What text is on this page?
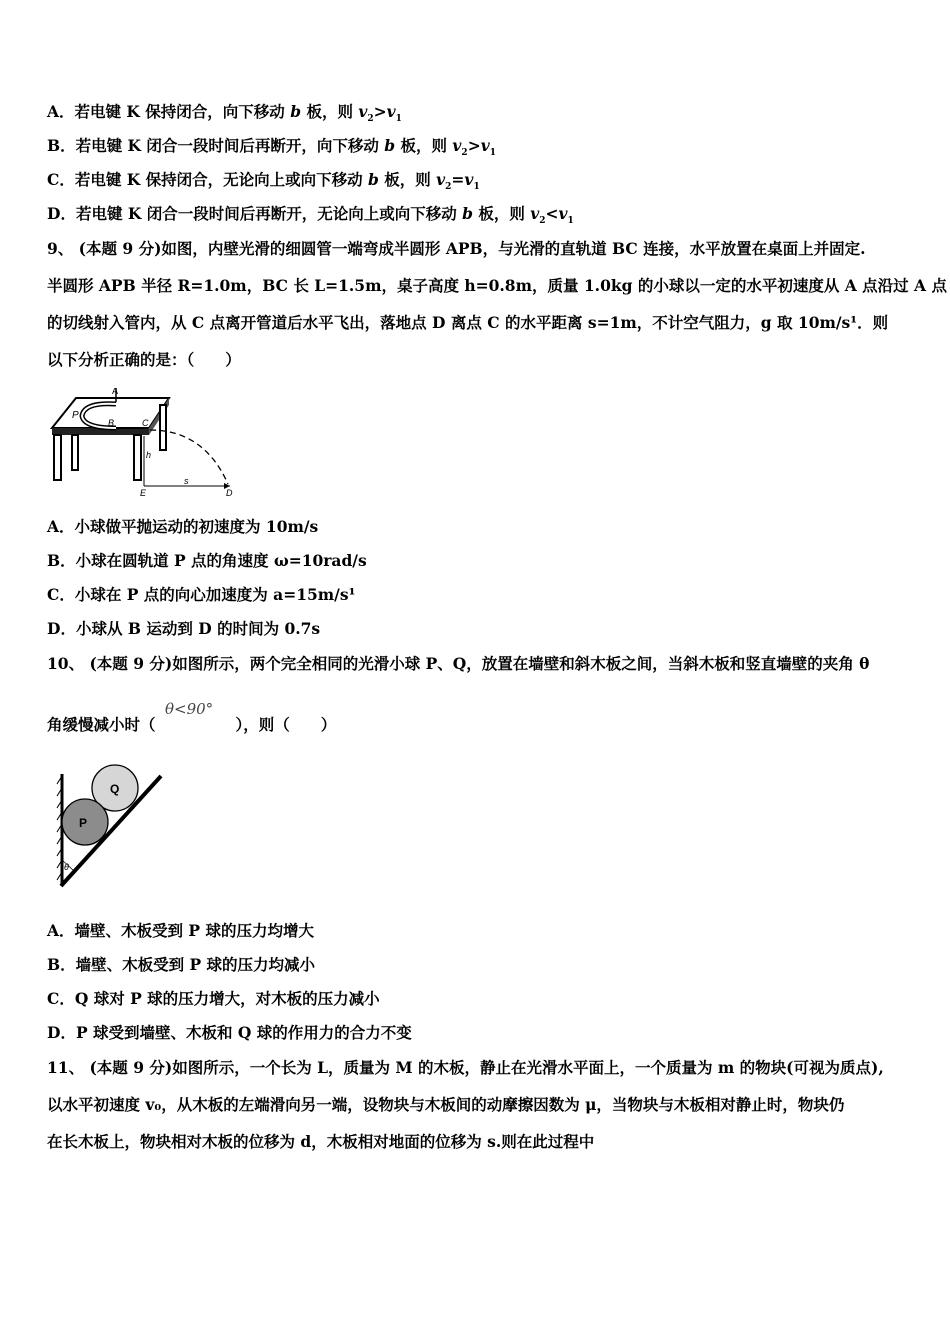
A．若电键 K 保持闭合，向下移动 b 板，则 $v_2>v_1$
B．若电键 K 闭合一段时间后再断开，向下移动 b 板，则 $v_2>v_1$
C．若电键 K 保持闭合，无论向上或向下移动 b 板，则 $v_2=v_1$
D．若电键 K 闭合一段时间后再断开，无论向上或向下移动 b 板，则 $v_2<v_1$
9、 (本题 9 分)如图，内壁光滑的细圆管一端弯成半圆形 APB，与光滑的直轨道 BC 连接，水平放置在桌面上并固定.
半圆形 APB 半径 R=1.0m，BC 长 L=1.5m，桌子高度 h=0.8m，质量 1.0kg 的小球以一定的水平初速度从 A 点沿过 A 点
的切线射入管内，从 C 点离开管道后水平飞出，落地点 D 离点 C 的水平距离 s=1m，不计空气阻力，g 取 10m/s¹．则
以下分析正确的是：（　　）
A
P
B	C
h
E
s
D
A．小球做平抛运动的初速度为 10m/s
B．小球在圆轨道 P 点的角速度 ω=10rad/s
C．小球在 P 点的向心加速度为 a=15m/s¹
D．小球从 B 运动到 D 的时间为 0.7s
10、 (本题 9 分)如图所示，两个完全相同的光滑小球 P、Q，放置在墙壁和斜木板之间，当斜木板和竖直墙壁的夹角 θ
角缓慢减小时（	），则（　　）
θ<90°
Q
P
θ
A．墙壁、木板受到 P 球的压力均增大
B．墙壁、木板受到 P 球的压力均减小
C．Q 球对 P 球的压力增大，对木板的压力减小
D．P 球受到墙壁、木板和 Q 球的作用力的合力不变
11、 (本题 9 分)如图所示，一个长为 L，质量为 M 的木板，静止在光滑水平面上，一个质量为 m 的物块(可视为质点),
以水平初速度 v₀，从木板的左端滑向另一端，设物块与木板间的动摩擦因数为 μ，当物块与木板相对静止时，物块仍
在长木板上，物块相对木板的位移为 d，木板相对地面的位移为 s.则在此过程中
